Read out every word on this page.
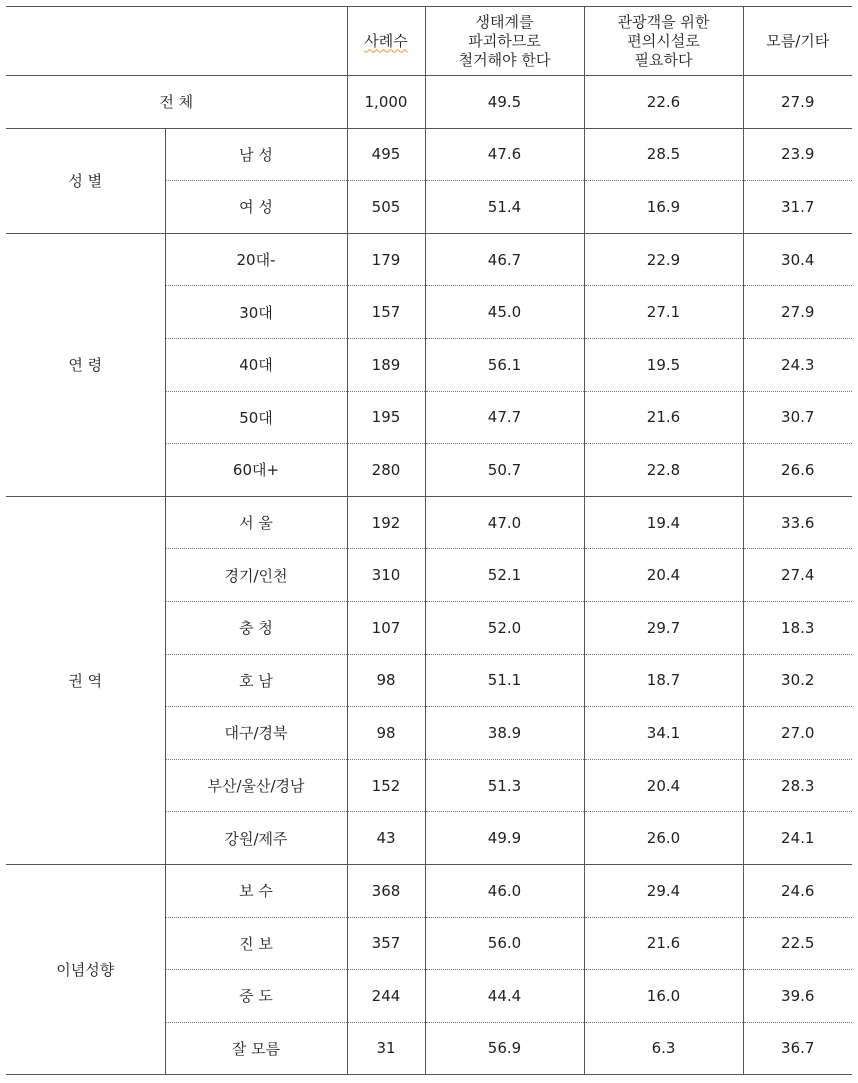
		사례수	생태계를
파괴하므로
철거해야 한다	관광객을 위한
편의시설로
필요하다	모름/기타
전 체		1,000	49.5	22.6	27.9
성 별	남 성	495	47.6	28.5	23.9
	여 성	505	51.4	16.9	31.7
연 령	20대-	179	46.7	22.9	30.4
	30대	157	45.0	27.1	27.9
	40대	189	56.1	19.5	24.3
	50대	195	47.7	21.6	30.7
	60대+	280	50.7	22.8	26.6
권 역	서 울	192	47.0	19.4	33.6
	경기/인천	310	52.1	20.4	27.4
	충 청	107	52.0	29.7	18.3
	호 남	98	51.1	18.7	30.2
	대구/경북	98	38.9	34.1	27.0
	부산/울산/경남	152	51.3	20.4	28.3
	강원/제주	43	49.9	26.0	24.1
이념성향	보 수	368	46.0	29.4	24.6
	진 보	357	56.0	21.6	22.5
	중 도	244	44.4	16.0	39.6
	잘 모름	31	56.9	6.3	36.7
